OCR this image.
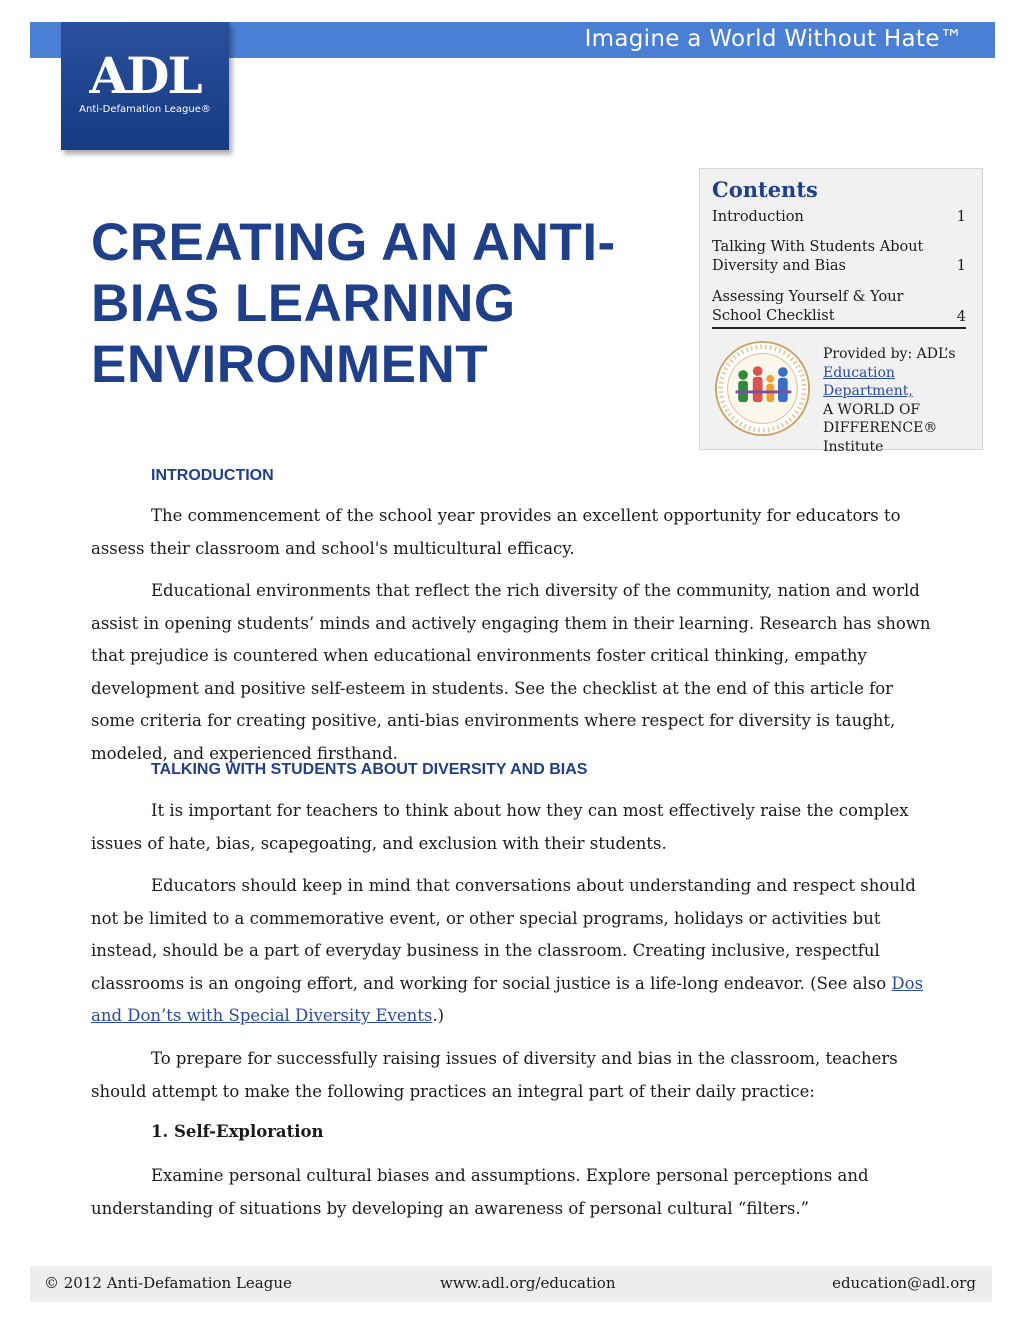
Imagine a World Without Hate™
ADL
Anti-Defamation League®
CREATING AN ANTI-BIAS LEARNING ENVIRONMENT
Contents
Introduction	1
Talking With Students About Diversity and Bias	1
Assessing Yourself & Your School Checklist	4
Provided by: ADL’s
Education Department,
A WORLD OF
DIFFERENCE® Institute
INTRODUCTION

The commencement of the school year provides an excellent opportunity for educators to assess their classroom and school's multicultural efficacy.

Educational environments that reflect the rich diversity of the community, nation and world assist in opening students’ minds and actively engaging them in their learning. Research has shown that prejudice is countered when educational environments foster critical thinking, empathy development and positive self-esteem in students. See the checklist at the end of this article for some criteria for creating positive, anti-bias environments where respect for diversity is taught, modeled, and experienced firsthand.

TALKING WITH STUDENTS ABOUT DIVERSITY AND BIAS

It is important for teachers to think about how they can most effectively raise the complex issues of hate, bias, scapegoating, and exclusion with their students.

Educators should keep in mind that conversations about understanding and respect should not be limited to a commemorative event, or other special programs, holidays or activities but instead, should be a part of everyday business in the classroom. Creating inclusive, respectful classrooms is an ongoing effort, and working for social justice is a life-long endeavor. (See also Dos and Don’ts with Special Diversity Events.)

To prepare for successfully raising issues of diversity and bias in the classroom, teachers should attempt to make the following practices an integral part of their daily practice:

1. Self-Exploration

Examine personal cultural biases and assumptions. Explore personal perceptions and understanding of situations by developing an awareness of personal cultural “filters.”

© 2012 Anti-Defamation League	www.adl.org/education	education@adl.org
